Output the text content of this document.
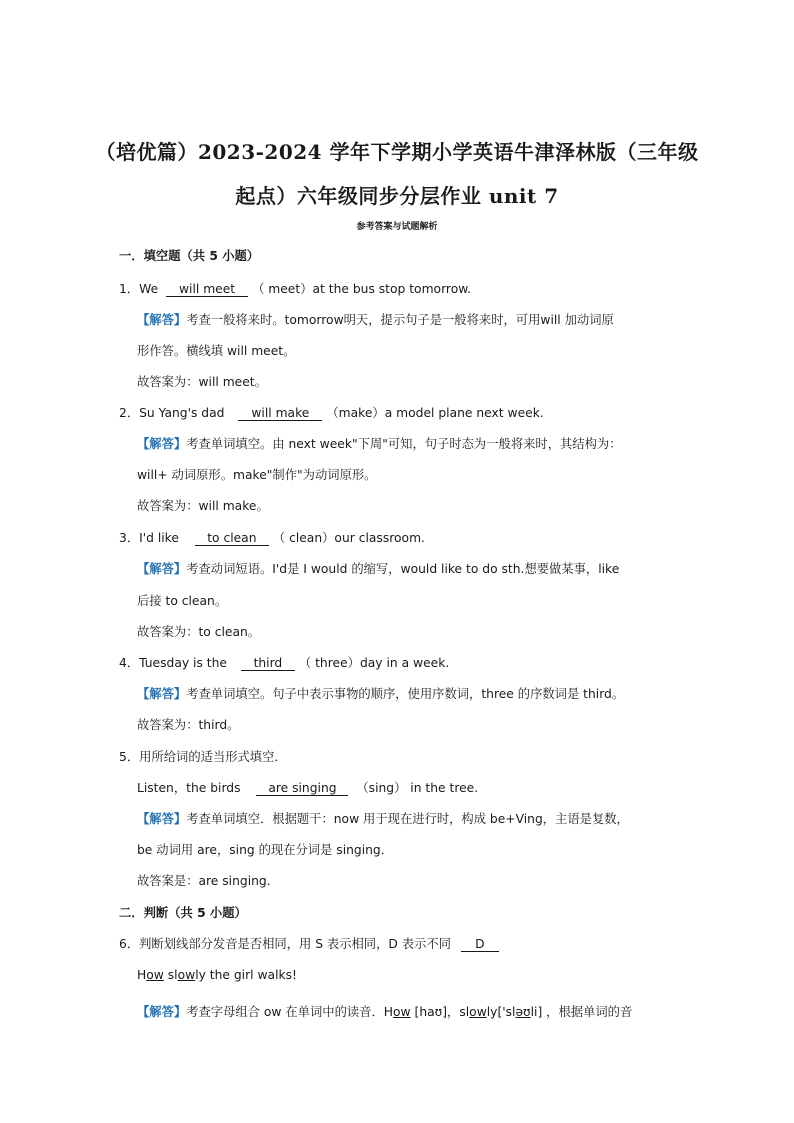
（培优篇）2023-2024 学年下学期小学英语牛津泽林版（三年级
起点）六年级同步分层作业 unit 7
参考答案与试题解析
一．填空题（共 5 小题）
1．We will meet （ meet）at the bus stop tomorrow.
【解答】考查一般将来时。tomorrow明天，提示句子是一般将来时，可用will 加动词原
形作答。横线填 will meet。
故答案为：will meet。
2．Su Yang's dad will make （make）a model plane next week.
【解答】考查单词填空。由 next week"下周"可知，句子时态为一般将来时，其结构为：
will+ 动词原形。make"制作"为动词原形。
故答案为：will make。
3．I'd like to clean （ clean）our classroom.
【解答】考查动词短语。I'd是 I would 的缩写，would like to do sth.想要做某事，like
后接 to clean。
故答案为：to clean。
4．Tuesday is the third （ three）day in a week.
【解答】考查单词填空。句子中表示事物的顺序，使用序数词，three 的序数词是 third。
故答案为：third。
5．用所给词的适当形式填空．
Listen，the birds are singing （sing） in the tree.
【解答】考查单词填空．根据题干：now 用于现在进行时，构成 be+Ving，主语是复数，
be 动词用 are，sing 的现在分词是 singing．
故答案是：are singing．
二．判断（共 5 小题）
6．判断划线部分发音是否相同，用 S 表示相同，D 表示不同 D
How slowly the girl walks!
【解答】考查字母组合 ow 在单词中的读音．How [haʊ]，slowly['sləʊli] ，根据单词的音
